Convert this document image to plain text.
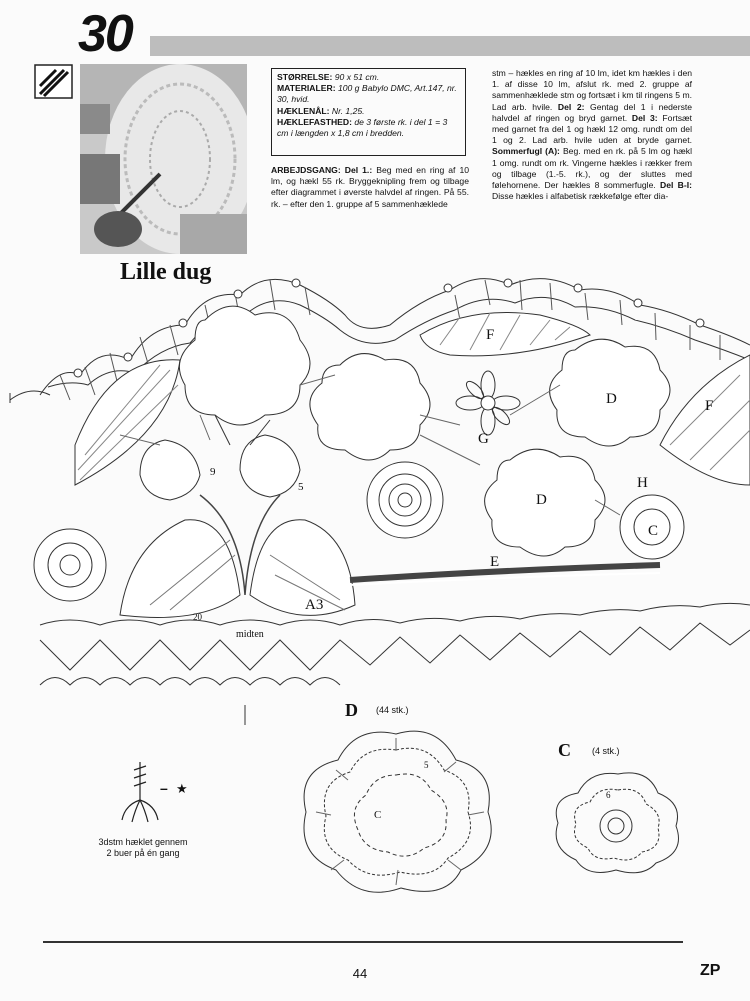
30
Lille dug
STØRRELSE: 90 x 51 cm.
MATERIALER: 100 g Babylo DMC, Art.147, nr. 30, hvid.
HÆKLENÅL: Nr. 1,25.
HÆKLEFASTHED: de 3 første rk. i del 1 = 3 cm i længden x 1,8 cm i bredden.
ARBEJDSGANG: Del 1.: Beg med en ring af 10 lm, og hækl 55 rk. Bryggeknipling frem og tilbage efter diagrammet i øverste halvdel af ringen. På 55. rk. – efter den 1. gruppe af 5 sammenhæklede
stm – hækles en ring af 10 lm, idet km hækles i den 1. af disse 10 lm, afslut rk. med 2. gruppe af sammenhæklede stm og fortsæt i km til ringens 5 m. Lad arb. hvile. Del 2: Gentag del 1 i nederste halvdel af ringen og bryd garnet. Del 3: Fortsæt med garnet fra del 1 og hækl 12 omg. rundt om del 1 og 2. Lad arb. hvile uden at bryde garnet. Sommerfugl (A): Beg. med en rk. på 5 lm og hækl 1 omg. rundt om rk. Vingerne hækles i rækker frem og tilbage (1.-5. rk.), og der sluttes med følehornene. Der hækles 8 sommerfugle. Del B-I: Disse hækles i alfabetisk rækkefølge efter dia-
F
F
G
D
D
H
C
E
A3
midten
9
5
20
D (44 stk.)
C
5
C (4 stk.)
6
– ★
3dstm hæklet gennem
2 buer på én gang
44	ZP
